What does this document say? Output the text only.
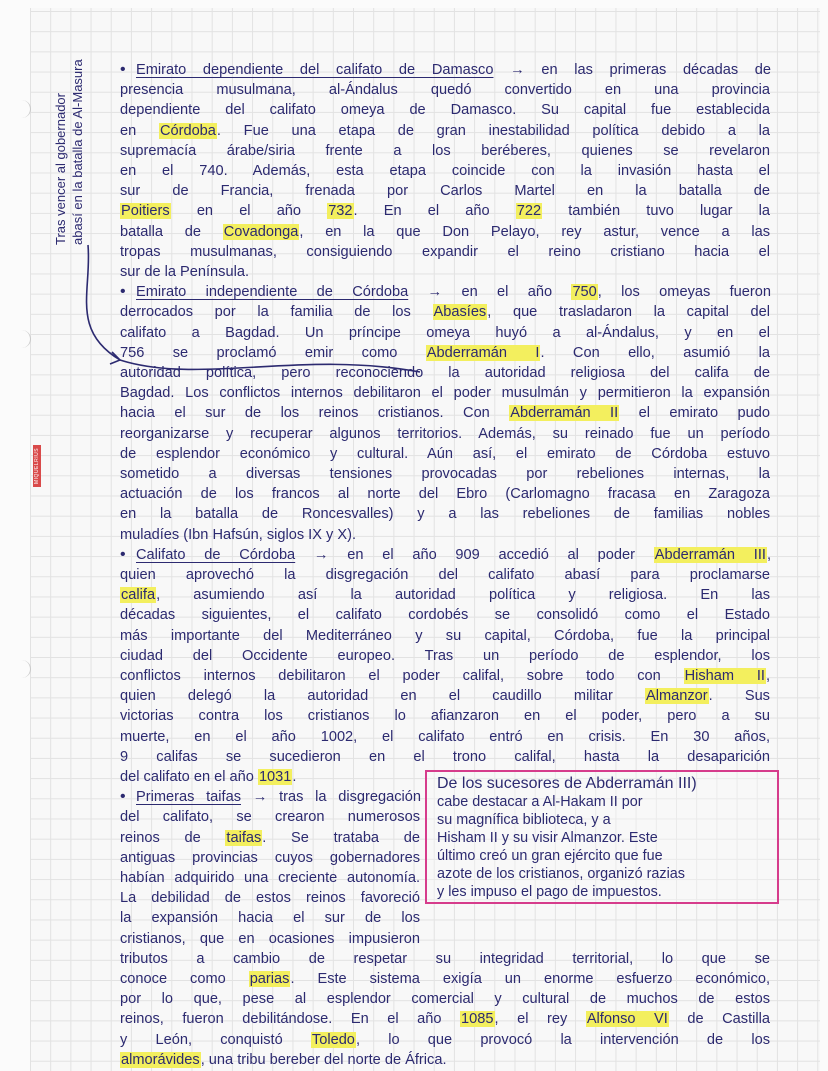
MIQUELRIUS
Tras vencer al gobernador abasí en la batalla de Al-Masura • Emirato dependiente del califato de Damasco → en las primeras décadas de
presencia musulmana, al-Ándalus quedó convertido en una provincia
dependiente del califato omeya de Damasco. Su capital fue establecida
en Córdoba. Fue una etapa de gran inestabilidad política debido a la
supremacía árabe/siria frente a los beréberes, quienes se revelaron
en el 740. Además, esta etapa coincide con la invasión hasta el
sur de Francia, frenada por Carlos Martel en la batalla de
Poitiers en el año 732. En el año 722 también tuvo lugar la
batalla de Covadonga, en la que Don Pelayo, rey astur, vence a las
tropas musulmanas, consiguiendo expandir el reino cristiano hacia el
sur de la Península.
• Emirato independiente de Córdoba → en el año 750, los omeyas fueron
derrocados por la familia de los Abasíes, que trasladaron la capital del
califato a Bagdad. Un príncipe omeya huyó a al-Ándalus, y en el
756 se proclamó emir como Abderramán I. Con ello, asumió la
autoridad política, pero reconociendo la autoridad religiosa del califa de
Bagdad. Los conflictos internos debilitaron el poder musulmán y permitieron la expansión
hacia el sur de los reinos cristianos. Con Abderramán II el emirato pudo
reorganizarse y recuperar algunos territorios. Además, su reinado fue un período
de esplendor económico y cultural. Aún así, el emirato de Córdoba estuvo
sometido a diversas tensiones provocadas por rebeliones internas, la
actuación de los francos al norte del Ebro (Carlomagno fracasa en Zaragoza
en la batalla de Roncesvalles) y a las rebeliones de familias nobles
muladíes (Ibn Hafsún, siglos IX y X).
• Califato de Córdoba → en el año 909 accedió al poder Abderramán III,
quien aprovechó la disgregación del califato abasí para proclamarse
califa, asumiendo así la autoridad política y religiosa. En las
décadas siguientes, el califato cordobés se consolidó como el Estado
más importante del Mediterráneo y su capital, Córdoba, fue la principal
ciudad del Occidente europeo. Tras un período de esplendor, los
conflictos internos debilitaron el poder califal, sobre todo con Hisham II,
quien delegó la autoridad en el caudillo militar Almanzor. Sus
victorias contra los cristianos lo afianzaron en el poder, pero a su
muerte, en el año 1002, el califato entró en crisis. En 30 años,
9 califas se sucedieron en el trono califal, hasta la desaparición
del califato en el año 1031.
• Primeras taifas → tras la disgregación
del califato, se crearon numerosos
reinos de taifas. Se trataba de
antiguas provincias cuyos gobernadores
habían adquirido una creciente autonomía.
La debilidad de estos reinos favoreció
la expansión hacia el sur de los
cristianos, que en ocasiones impusieron
tributos a cambio de respetar su integridad territorial, lo que se
conoce como parias. Este sistema exigía un enorme esfuerzo económico,
por lo que, pese al esplendor comercial y cultural de muchos de estos
reinos, fueron debilitándose. En el año 1085, el rey Alfonso VI de Castilla
y León, conquistó Toledo, lo que provocó la intervención de los
almorávides, una tribu bereber del norte de África.
De los sucesores de Abderramán III)
cabe destacar a Al-Hakam II por
su magnífica biblioteca, y a
Hisham II y su visir Almanzor. Este
último creó un gran ejército que fue
azote de los cristianos, organizó razias
y les impuso el pago de impuestos.
